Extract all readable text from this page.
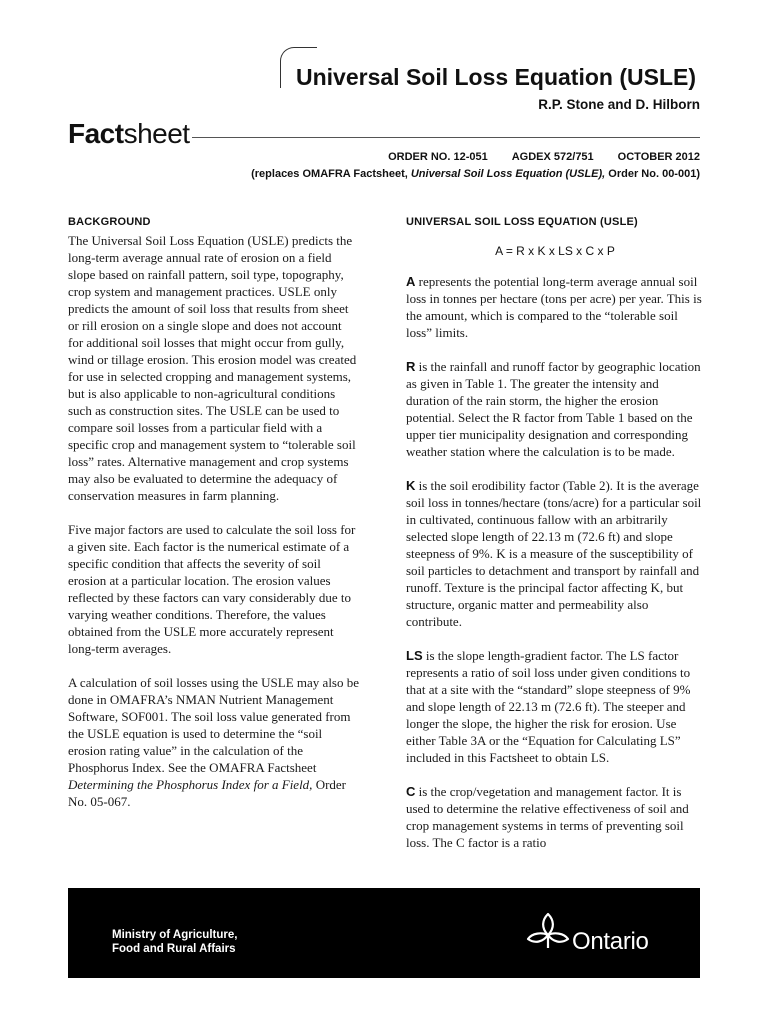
Universal Soil Loss Equation (USLE)
R.P. Stone and D. Hilborn
Factsheet
ORDER NO. 12-051 AGDEX 572/751 OCTOBER 2012
(replaces OMAFRA Factsheet, Universal Soil Loss Equation (USLE), Order No. 00-001)
BACKGROUND

The Universal Soil Loss Equation (USLE) predicts the long-term average annual rate of erosion on a field slope based on rainfall pattern, soil type, topography, crop system and management practices. USLE only predicts the amount of soil loss that results from sheet or rill erosion on a single slope and does not account for additional soil losses that might occur from gully, wind or tillage erosion. This erosion model was created for use in selected cropping and management systems, but is also applicable to non-agricultural conditions such as construction sites. The USLE can be used to compare soil losses from a particular field with a specific crop and management system to “tolerable soil loss” rates. Alternative management and crop systems may also be evaluated to determine the adequacy of conservation measures in farm planning.

Five major factors are used to calculate the soil loss for a given site. Each factor is the numerical estimate of a specific condition that affects the severity of soil erosion at a particular location. The erosion values reflected by these factors can vary considerably due to varying weather conditions. Therefore, the values obtained from the USLE more accurately represent long-term averages.

A calculation of soil losses using the USLE may also be done in OMAFRA’s NMAN Nutrient Management Software, SOF001. The soil loss value generated from the USLE equation is used to determine the “soil erosion rating value” in the calculation of the Phosphorus Index. See the OMAFRA Factsheet Determining the Phosphorus Index for a Field, Order No. 05-067.

UNIVERSAL SOIL LOSS EQUATION (USLE)
A = R x K x LS x C x P

A represents the potential long-term average annual soil loss in tonnes per hectare (tons per acre) per year. This is the amount, which is compared to the “tolerable soil loss” limits.

R is the rainfall and runoff factor by geographic location as given in Table 1. The greater the intensity and duration of the rain storm, the higher the erosion potential. Select the R factor from Table 1 based on the upper tier municipality designation and corresponding weather station where the calculation is to be made.

K is the soil erodibility factor (Table 2). It is the average soil loss in tonnes/hectare (tons/acre) for a particular soil in cultivated, continuous fallow with an arbitrarily selected slope length of 22.13 m (72.6 ft) and slope steepness of 9%. K is a measure of the susceptibility of soil particles to detachment and transport by rainfall and runoff. Texture is the principal factor affecting K, but structure, organic matter and permeability also contribute.

LS is the slope length-gradient factor. The LS factor represents a ratio of soil loss under given conditions to that at a site with the “standard” slope steepness of 9% and slope length of 22.13 m (72.6 ft). The steeper and longer the slope, the higher the risk for erosion. Use either Table 3A or the “Equation for Calculating LS” included in this Factsheet to obtain LS.

C is the crop/vegetation and management factor. It is used to determine the relative effectiveness of soil and crop management systems in terms of preventing soil loss. The C factor is a ratio

Ministry of Agriculture,
Food and Rural Affairs	Ontario
